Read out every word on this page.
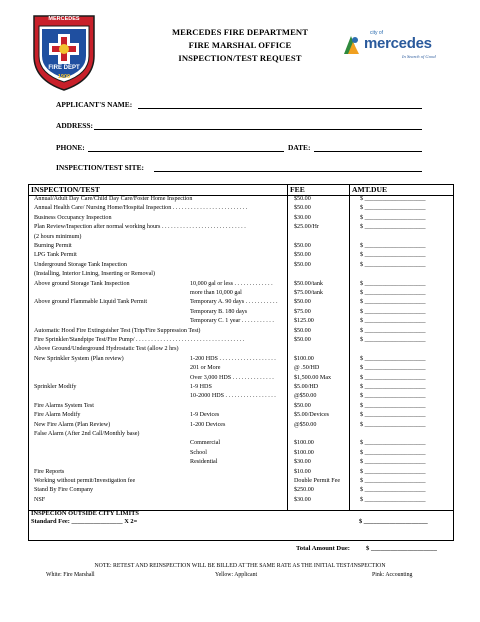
MERCEDES
FIRE DEPT
1909
MERCEDES FIRE DEPARTMENT
FIRE MARSHAL OFFICE
INSPECTION/TEST REQUEST
city of
mercedes
In Search of Good
APPLICANT'S NAME:
ADDRESS:
PHONE:	DATE:
INSPECTION/TEST SITE:
INSPECTION/TEST	FEE	AMT.DUE
Annual/Adult Day Care/Child Day Care/Foster Home Inspection	$50.00	$ ____________________
Annual Health Care/ Nursing Home/Hospital Inspection . . . . . . . . . . . . . . . . . . . . . . . . .	$50.00	$ ____________________
Business Occupancy Inspection	$30.00	$ ____________________
Plan Review/Inspection after normal working hours . . . . . . . . . . . . . . . . . . . . . . . . . . . .	$25.00/Hr	$ ____________________
(2 hours minimum)
Burning Permit	$50.00	$ ____________________
LPG Tank Permit	$50.00	$ ____________________
Underground Storage Tank Inspection	$50.00	$ ____________________
(Installing, Interior Lining, Inserting or Removal)
Above ground Storage Tank Inspection	10,000 gal or less . . . . . . . . . . . . .	$50.00/tank	$ ____________________
more than 10,000 gal	$75.00/tank	$ ____________________
Above ground Flammable Liquid Tank Permit	Temporary A. 90 days . . . . . . . . . . .	$50.00	$ ____________________
Temporary B. 180 days	$75.00	$ ____________________
Temporary C. 1 year . . . . . . . . . . .	$125.00	$ ____________________
Automatic Hood Fire Extinguisher Test (Trip/Fire Suppression Test)	$50.00	$ ____________________
Fire Sprinkler/Standpipe Test/Fire Pump/ . . . . . . . . . . . . . . . . . . . . . . . . . . . . . . . . . . . .	$50.00	$ ____________________
Above Ground/Underground Hydrostatic Test (allow 2 hrs)
New Sprinkler System (Plan review)	1-200 HDS . . . . . . . . . . . . . . . . . . .	$100.00	$ ____________________
201 or More	@ .50/HD	$ ____________________
Over 3,000 HDS . . . . . . . . . . . . . .	$1,500.00 Max	$ ____________________
Sprinkler Modify	1-9 HDS	$5.00/HD	$ ____________________
10-2000 HDS . . . . . . . . . . . . . . . . .	@$50.00	$ ____________________
Fire Alarms System Test	$50.00	$ ____________________
Fire Alarm Modify	1-9 Devices	$5.00/Devices	$ ____________________
New Fire Alarm (Plan Review)	1-200 Devices	@$50.00	$ ____________________
False Alarm (After 2nd Call/Monthly base)
Commercial	$100.00	$ ____________________
School	$100.00	$ ____________________
Residential	$30.00	$ ____________________
Fire Reports	$10.00	$ ____________________
Working without permit/Investigation fee	Double Permit Fee	$ ____________________
Stand By Fire Company	$250.00	$ ____________________
NSF	$30.00	$ ____________________
INSPECION OUTSIDE CITY LIMITS
Standard Fee: ________________ X 2=	$ ____________________
Total Amount Due: $ ____________________
NOTE: RETEST AND REINSPECTION WILL BE BILLED AT THE SAME RATE AS THE INITIAL TEST/INSPECTION
White: Fire Marshall	Yellow: Applicant	Pink: Accounting
